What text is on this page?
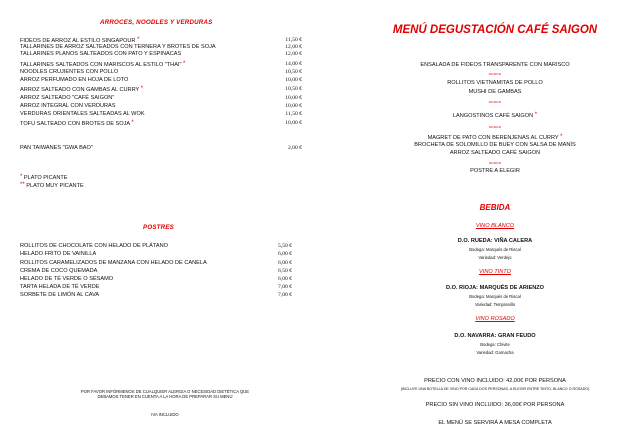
ARROCES, NOODLES Y VERDURAS
FIDEOS DE ARROZ AL ESTILO SINGAPOUR *	11,50 €
TALLARINES DE ARROZ SALTEADOS CON TERNERA Y BROTES DE SOJA	12,00 €
TALLARINES PLANOS SALTEADOS CON PATO Y ESPINACAS	12,00 €
TALLARINES SALTEADOS CON MARISCOS AL ESTILO "THAI" *	14,00 €
NOODLES CRUJIENTES CON POLLO	10,50 €
ARROZ PERFUMADO EN HOJA DE LOTO	10,00 €
ARROZ SALTEADO CON GAMBAS AL CURRY *	10,50 €
ARROZ SALTEADO "CAFÉ SAIGON"	10,00 €
ARROZ INTEGRAL CON VERDURAS	10,00 €
VERDURAS ORIENTALES SALTEADAS AL WOK	11,50 €
TOFU SALTEADO CON BROTES DE SOJA *	10,00 €
PAN TAIWANES "GWA BAO"	2,00 €
* PLATO PICANTE
** PLATO MUY PICANTE
POSTRES
ROLLITOS DE CHOCOLATE CON HELADO DE PLÁTANO	5,50 €
HELADO FRITO DE VAINILLA	6,00 €
ROLLITOS CARAMELIZADOS DE MANZANA CON HELADO DE CANELA	6,00 €
CREMA DE COCO QUEMADA	6,50 €
HELADO DE TÉ VERDE O SÉSAMO	6,00 €
TARTA HELADA DE TÉ VERDE	7,00 €
SORBETE DE LIMÓN AL CAVA	7,00 €
POR FAVOR INFÓRMENOS DE CUALQUIER ALERGIA O NECESIDAD DIETÉTICA QUE
DEBAMOS TENER EN CUENTA A LA HORA DE PREPARAR SU MENÚ
IVA INCLUIDO
MENÚ DEGUSTACIÓN CAFÉ SAIGON
ENSALADA DE FIDEOS TRANSPARENTE CON MARISCO
ooooo
ROLLITOS VIETNAMITAS DE POLLO
MUSHI DE GAMBAS
ooooo
LANGOSTINOS CAFÉ SAIGON *
ooooo
MAGRET DE PATO CON BERENJENAS AL CURRY *
BROCHETA DE SOLOMILLO DE BUEY CON SALSA DE MANÍS
ARROZ SALTEADO CAFÉ SAIGON
ooooo
POSTRE A ELEGIR
BEBIDA
VINO BLANCO
D.O. RUEDA: VIÑA CALERA
Bodega: Marqués de Riscal
Variedad: Verdejo
VINO TINTO
D.O. RIOJA: MARQUÉS DE ARIENZO
Bodega: Marqués de Riscal
Variedad: Tempranillo
VINO ROSADO
D.O. NAVARRA: GRAN FEUDO
Bodega: Chivite
Variedad: Garnacha
PRECIO CON VINO INCLUIDO: 42,00€ POR PERSONA
(INCLUYE UNA BOTELLA DE VINO POR CADA DOS PERSONAS, A ELEGIR ENTRE TINTO, BLANCO O ROSADO)
PRECIO SIN VINO INCLUIDO: 36,00€ POR PERSONA
EL MENÚ SE SERVIRÁ A MESA COMPLETA
